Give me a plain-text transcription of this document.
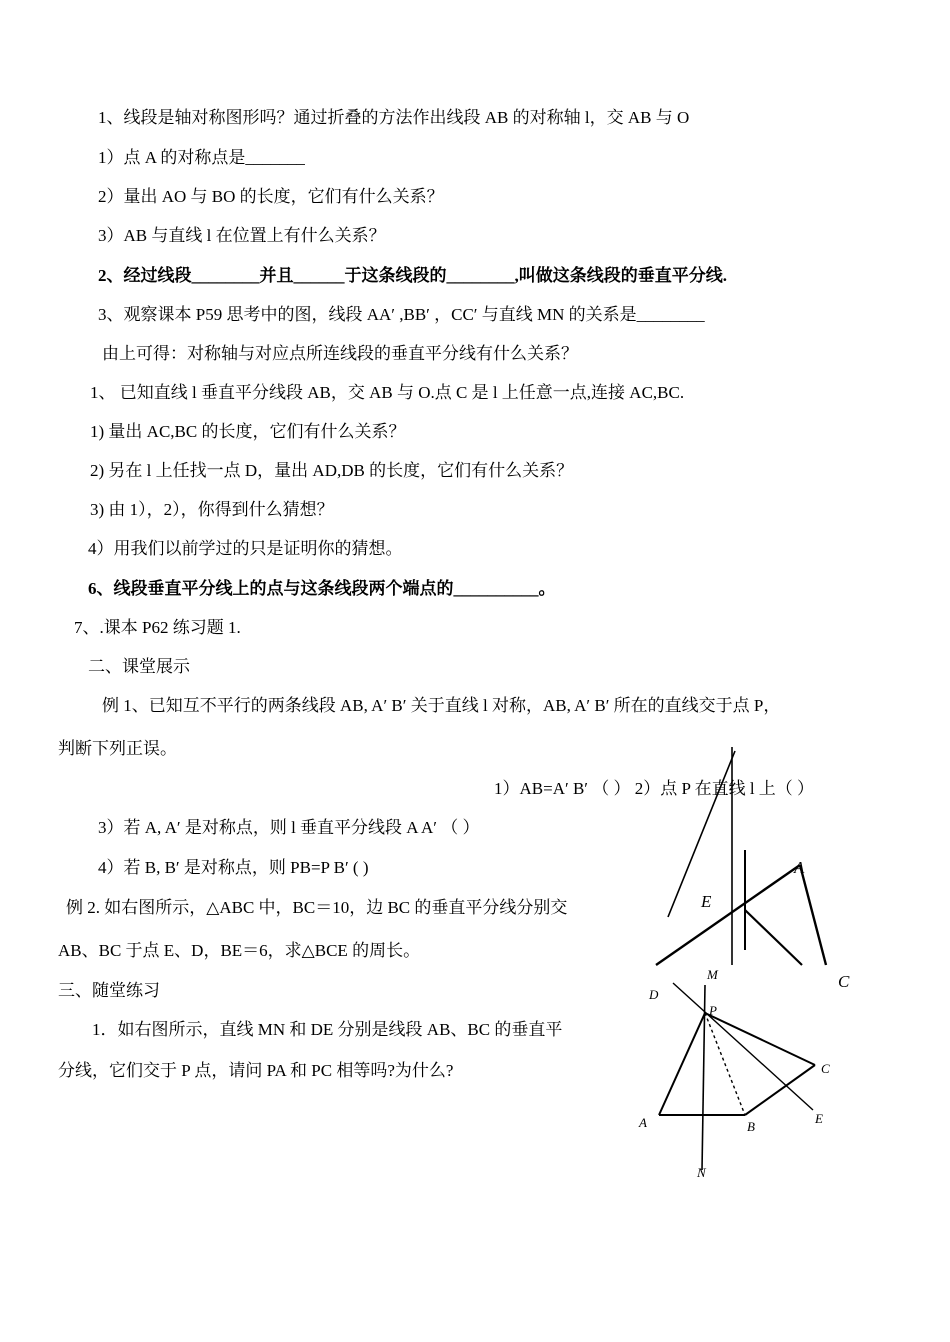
1、线段是轴对称图形吗？通过折叠的方法作出线段 AB 的对称轴 l，交 AB 与 O
1）点 A 的对称点是_______
2）量出 AO 与 BO 的长度，它们有什么关系？
3）AB 与直线 l 在位置上有什么关系？
2、经过线段________并且______于这条线段的________,叫做这条线段的垂直平分线.
3、观察课本 P59 思考中的图，线段 AA′ ,BB′ ，CC′ 与直线 MN 的关系是________
由上可得：对称轴与对应点所连线段的垂直平分线有什么关系？
1、 已知直线 l 垂直平分线段 AB，交 AB 与 O.点 C 是 l 上任意一点,连接 AC,BC.
1) 量出 AC,BC 的长度，它们有什么关系？
2) 另在 l 上任找一点 D，量出 AD,DB 的长度，它们有什么关系？
3) 由 1），2），你得到什么猜想？
4）用我们以前学过的只是证明你的猜想。
6、线段垂直平分线上的点与这条线段两个端点的__________。
7、.课本 P62 练习题 1.
二、课堂展示
例 1、已知互不平行的两条线段 AB, A′ B′ 关于直线 l 对称，AB, A′ B′ 所在的直线交于点 P，
判断下列正误。
1）AB=A′ B′ （ ） 2）点 P 在直线 l 上（ ）
3）若 A, A′ 是对称点，则 l 垂直平分线段 A A′ （ ）
4）若 B, B′ 是对称点，则 PB=P B′ ( )
例 2. 如右图所示，△ABC 中，BC＝10，边 BC 的垂直平分线分别交
AB、BC 于点 E、D，BE＝6，求△BCE 的周长。
三、随堂练习
1．如右图所示，直线 MN 和 DE 分别是线段 AB、BC 的垂直平
分线，它们交于 P 点，请问 PA 和 PC 相等吗?为什么?
A
E
C
M
D
P
C
A	B
E
N
